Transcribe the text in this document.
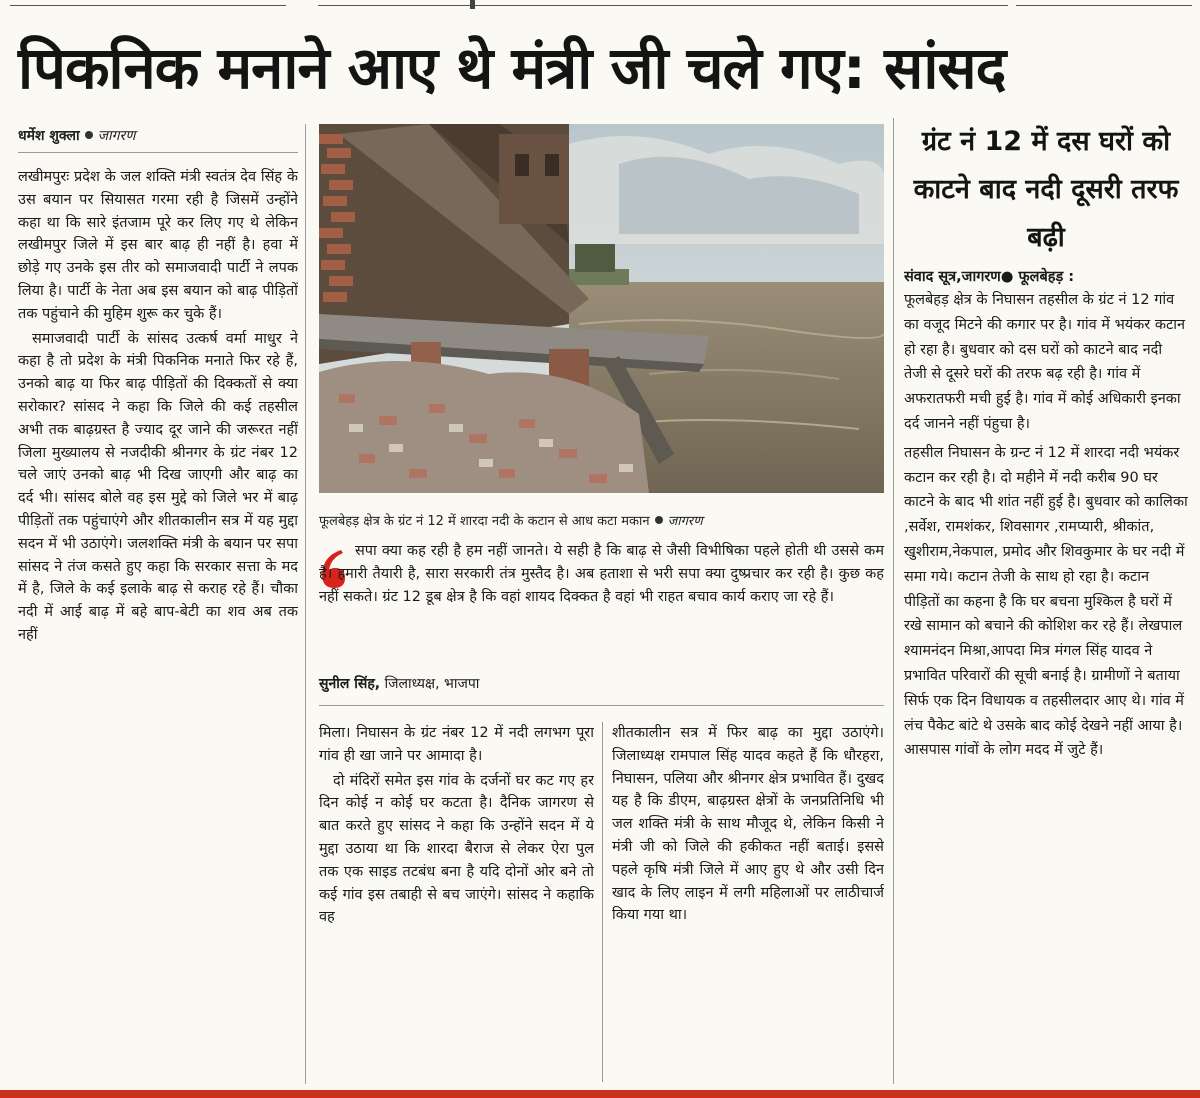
पिकनिक मनाने आए थे मंत्री जी चले गए: सांसद
धर्मेश शुक्ला जागरण

लखीमपुरः प्रदेश के जल शक्ति मंत्री स्वतंत्र देव सिंह के उस बयान पर सियासत गरमा रही है जिसमें उन्होंने कहा था कि सारे इंतजाम पूरे कर लिए गए थे लेकिन लखीमपुर जिले में इस बार बाढ़ ही नहीं है। हवा में छोड़े गए उनके इस तीर को समाजवादी पार्टी ने लपक लिया है। पार्टी के नेता अब इस बयान को बाढ़ पीड़ितों तक पहुंचाने की मुहिम शुरू कर चुके हैं।

समाजवादी पार्टी के सांसद उत्कर्ष वर्मा माधुर ने कहा है तो प्रदेश के मंत्री पिकनिक मनाते फिर रहे हैं, उनको बाढ़ या फिर बाढ़ पीड़ितों की दिक्कतों से क्या सरोकार? सांसद ने कहा कि जिले की कई तहसील अभी तक बाढ़ग्रस्त है ज्याद दूर जाने की जरूरत नहीं जिला मुख्यालय से नजदीकी श्रीनगर के ग्रंट नंबर 12 चले जाएं उनको बाढ़ भी दिख जाएगी और बाढ़ का दर्द भी। सांसद बोले वह इस मुद्दे को जिले भर में बाढ़ पीड़ितों तक पहुंचाएंगे और शीतकालीन सत्र में यह मुद्दा सदन में भी उठाएंगे। जलशक्ति मंत्री के बयान पर सपा सांसद ने तंज कसते हुए कहा कि सरकार सत्ता के मद में है, जिले के कई इलाके बाढ़ से कराह रहे हैं। चौका नदी में आई बाढ़ में बहे बाप-बेटी का शव अब तक नहीं

फूलबेहड़ क्षेत्र के ग्रंट नं 12 में शारदा नदी के कटान से आध कटा मकान जागरण

सपा क्या कह रही है हम नहीं जानते। ये सही है कि बाढ़ से जैसी विभीषिका पहले होती थी उससे कम है। हमारी तैयारी है, सारा सरकारी तंत्र मुस्तैद है। अब हताशा से भरी सपा क्या दुष्प्रचार कर रही है। कुछ कह नहीं सकते। ग्रंट 12 डूब क्षेत्र है कि वहां शायद दिक्कत है वहां भी राहत बचाव कार्य कराए जा रहे हैं।

सुनील सिंह, जिलाध्यक्ष, भाजपा

मिला। निघासन के ग्रंट नंबर 12 में नदी लगभग पूरा गांव ही खा जाने पर आमादा है।

दो मंदिरों समेत इस गांव के दर्जनों घर कट गए हर दिन कोई न कोई घर कटता है। दैनिक जागरण से बात करते हुए सांसद ने कहा कि उन्होंने सदन में ये मुद्दा उठाया था कि शारदा बैराज से लेकर ऐरा पुल तक एक साइड तटबंध बना है यदि दोनों ओर बने तो कई गांव इस तबाही से बच जाएंगे। सांसद ने कहाकि वह

शीतकालीन सत्र में फिर बाढ़ का मुद्दा उठाएंगे। जिलाध्यक्ष रामपाल सिंह यादव कहते हैं कि धौरहरा, निघासन, पलिया और श्रीनगर क्षेत्र प्रभावित हैं। दुखद यह है कि डीएम, बाढ़ग्रस्त क्षेत्रों के जनप्रतिनिधि भी जल शक्ति मंत्री के साथ मौजूद थे, लेकिन किसी ने मंत्री जी को जिले की हकीकत नहीं बताई। इससे पहले कृषि मंत्री जिले में आए हुए थे और उसी दिन खाद के लिए लाइन में लगी महिलाओं पर लाठीचार्ज किया गया था।

ग्रंट नं 12 में दस घरों को काटने बाद नदी दूसरी तरफ बढ़ी
संवाद सूत्र,जागरण● फूलबेहड़ :

फूलबेहड़ क्षेत्र के निघासन तहसील के ग्रंट नं 12 गांव का वजूद मिटने की कगार पर है। गांव में भयंकर कटान हो रहा है। बुधवार को दस घरों को काटने बाद नदी तेजी से दूसरे घरों की तरफ बढ़ रही है। गांव में अफरातफरी मची हुई है। गांव में कोई अधिकारी इनका दर्द जानने नहीं पंहुचा है।

तहसील निघासन के ग्रन्ट नं 12 में शारदा नदी भयंकर कटान कर रही है। दो महीने में नदी करीब 90 घर काटने के बाद भी शांत नहीं हुई है। बुधवार को कालिका ,सर्वेश, रामशंकर, शिवसागर ,रामप्यारी, श्रीकांत, खुशीराम,नेकपाल, प्रमोद और शिवकुमार के घर नदी में समा गये। कटान तेजी के साथ हो रहा है। कटान पीड़ितों का कहना है कि घर बचना मुश्किल है घरों में रखे सामान को बचाने की कोशिश कर रहे हैं। लेखपाल श्यामनंदन मिश्रा,आपदा मित्र मंगल सिंह यादव ने प्रभावित परिवारों की सूची बनाई है। ग्रामीणों ने बताया सिर्फ एक दिन विधायक व तहसीलदार आए थे। गांव में लंच पैकेट बांटे थे उसके बाद कोई देखने नहीं आया है। आसपास गांवों के लोग मदद में जुटे हैं।
